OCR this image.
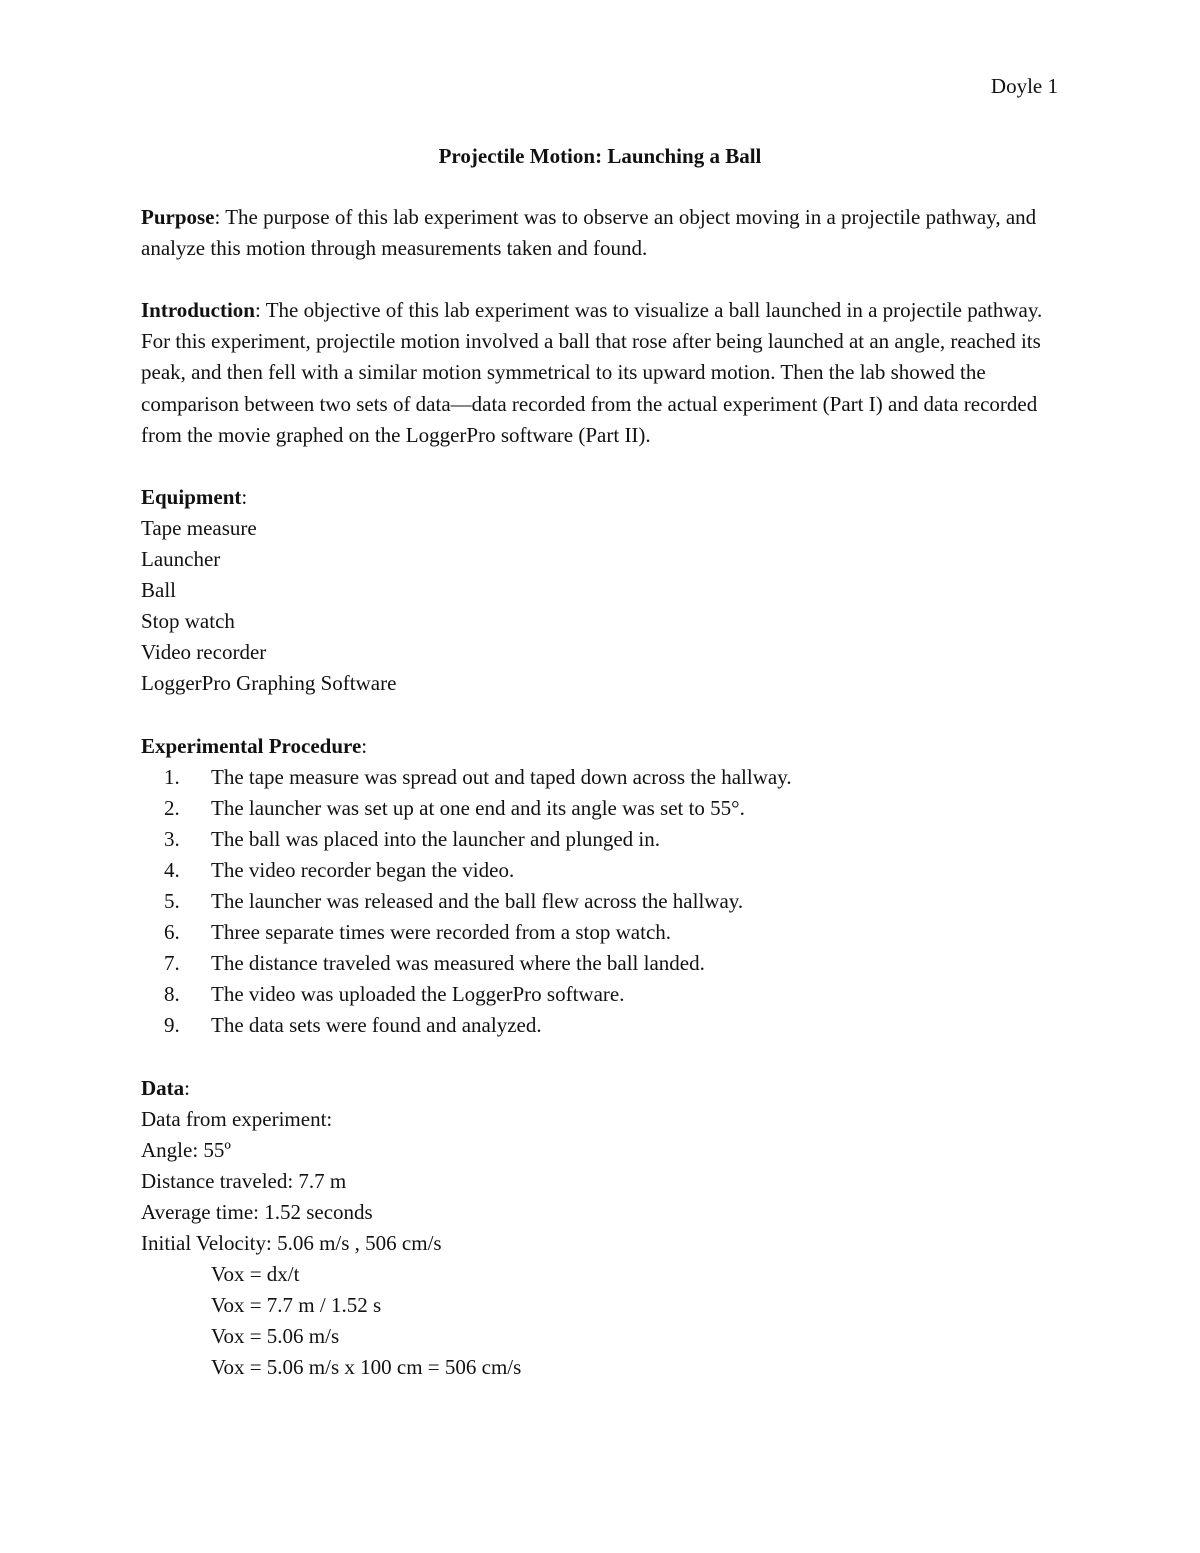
Doyle 1
Projectile Motion: Launching a Ball

Purpose: The purpose of this lab experiment was to observe an object moving in a projectile pathway, and analyze this motion through measurements taken and found.

Introduction: The objective of this lab experiment was to visualize a ball launched in a projectile pathway. For this experiment, projectile motion involved a ball that rose after being launched at an angle, reached its peak, and then fell with a similar motion symmetrical to its upward motion. Then the lab showed the comparison between two sets of data—data recorded from the actual experiment (Part I) and data recorded from the movie graphed on the LoggerPro software (Part II).

Equipment:
Tape measure
Launcher
Ball
Stop watch
Video recorder
LoggerPro Graphing Software
Experimental Procedure:
1.	The tape measure was spread out and taped down across the hallway.
2.	The launcher was set up at one end and its angle was set to 55°.
3.	The ball was placed into the launcher and plunged in.
4.	The video recorder began the video.
5.	The launcher was released and the ball flew across the hallway.
6.	Three separate times were recorded from a stop watch.
7.	The distance traveled was measured where the ball landed.
8.	The video was uploaded the LoggerPro software.
9.	The data sets were found and analyzed.
Data:
Data from experiment:
Angle: 55º
Distance traveled: 7.7 m
Average time: 1.52 seconds
Initial Velocity: 5.06 m/s , 506 cm/s
Vox = dx/t
Vox = 7.7 m / 1.52 s
Vox = 5.06 m/s
Vox = 5.06 m/s x 100 cm = 506 cm/s
